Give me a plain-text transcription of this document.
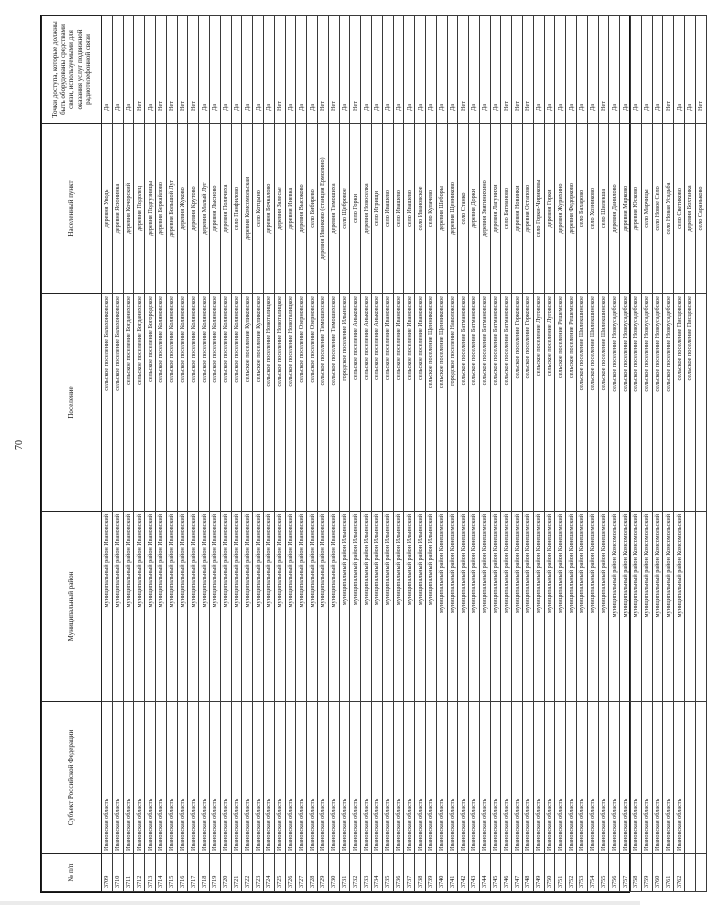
70
№ п/п	Субъект Российской Федерации	Муниципальный район	Поселение	Населенный пункт	Точки доступа, которые должны быть оборудованы средствами связи, используемыми для оказания услуг подвижной радиотелефонной связи
3709	Ивановская область	муниципальный район Ивановский	сельское поселение Балахонковское	деревня Уводь	Да
3710	Ивановская область	муниципальный район Ивановский	сельское поселение Балахонковское	деревня Ясюнинка	Да
3711	Ивановская область	муниципальный район Ивановский	сельское поселение Богданихское	деревня Кочорский	Да
3712	Ивановская область	муниципальный район Ивановский	сельское поселение Богданихское	деревня Подолец	Нет
3713	Ивановская область	муниципальный район Ивановский	сельское поселение Богородское	деревня Подгузницы	Да
3714	Ивановская область	муниципальный район Ивановский	сельское поселение Коляновское	деревня Беркайлово	Нет
3715	Ивановская область	муниципальный район Ивановский	сельское поселение Коляновское	деревня Большой Луг	Нет
3716	Ивановская область	муниципальный район Ивановский	сельское поселение Коляновское	деревня Жуково	Нет
3717	Ивановская область	муниципальный район Ивановский	сельское поселение Коляновское	деревня Крутово	Нет
3718	Ивановская область	муниципальный район Ивановский	сельское поселение Коляновское	деревня Малый Луг	Да
3719	Ивановская область	муниципальный район Ивановский	сельское поселение Коляновское	деревня Лысново	Да
3720	Ивановская область	муниципальный район Ивановский	сельское поселение Коляновское	деревня Полячиха	Да
3721	Ивановская область	муниципальный район Ивановский	сельское поселение Коляновское	село Панфилово	Да
3722	Ивановская область	муниципальный район Ивановский	сельское поселение Куликовское	деревня Комсомольская	Да
3723	Ивановская область	муниципальный район Ивановский	сельское поселение Куликовское	село Котцыно	Да
3724	Ивановская область	муниципальный район Ивановский	сельское поселение Новоталицкое	деревня Бочкалово	Да
3725	Ивановская область	муниципальный район Ивановский	сельское поселение Новоталицкое	деревня Залесье	Нет
3726	Ивановская область	муниципальный район Ивановский	сельское поселение Новоталицкое	деревня Иневка	Да
3727	Ивановская область	муниципальный район Ивановский	сельское поселение Озерновское	деревня Высоково	Да
3728	Ивановская область	муниципальный район Ивановский	сельское поселение Озерновское	село Бибирево	Да
3729	Ивановская область	муниципальный район Ивановский	сельское поселение Тимошихское	деревня Иванково (станция Ермолино)	Нет
3730	Ивановская область	муниципальный район Ивановский	сельское поселение Тимошихское	деревня Тимошиха	Нет
3731	Ивановская область	муниципальный район Ильинский	городское поселение Ильинское	село Щебровое	Да
3732	Ивановская область	муниципальный район Ильинский	сельское поселение Аньковское	село Горки	Нет
3733	Ивановская область	муниципальный район Ильинский	сельское поселение Аньковское	деревня Новоселка	Да
3734	Ивановская область	муниципальный район Ильинский	сельское поселение Аньковское	село Игрищи	Да
3735	Ивановская область	муниципальный район Ильинский	сельское поселение Ивановское	село Ивашево	Да
3736	Ивановская область	муниципальный район Ильинский	сельское поселение Ивановское	село Ивашево	Да
3737	Ивановская область	муниципальный район Ильинский	сельское поселение Ивановское	село Ивашево	Да
3738	Ивановская область	муниципальный район Ильинский	сельское поселение Ивановское	село Ивановское	Да
3739	Ивановская область	муниципальный район Ильинский	сельское поселение Щенниковское	село Кулачево	Да
3740	Ивановская область	муниципальный район Кинешемский	сельское поселение Щенниковское	деревня Шеборы	Да
3741	Ивановская область	муниципальный район Кинешемский	городское поселение Наволокское	деревня Щенниково	Да
3742	Ивановская область	муниципальный район Кинешемский	сельское поселение Батмановское	село Станко	Нет
3743	Ивановская область	муниципальный район Кинешемский	сельское поселение Батмановское	деревня Дорки	Да
3744	Ивановская область	муниципальный район Кинешемский	сельское поселение Батмановское	деревня Звягинихино	Да
3745	Ивановская область	муниципальный район Кинешемский	сельское поселение Батмановское	деревня Лагунихи	Да
3746	Ивановская область	муниципальный район Кинешемский	сельское поселение Батмановское	село Батманово	Нет
3747	Ивановская область	муниципальный район Кинешемский	сельское поселение Горковское	деревня Новинки	Нет
3748	Ивановская область	муниципальный район Кинешемский	сельское поселение Горковское	деревня Остапово	Нет
3749	Ивановская область	муниципальный район Кинешемский	сельское поселение Луговское	село Горки-Чириковы	Да
3750	Ивановская область	муниципальный район Кинешемский	сельское поселение Луговское	деревня Горки	Да
3751	Ивановская область	муниципальный район Кинешемский	сельское поселение Решемское	деревня Журихино	Да
3752	Ивановская область	муниципальный район Кинешемский	сельское поселение Решемское	деревня Федорково	Да
3753	Ивановская область	муниципальный район Кинешемский	сельское поселение Шилекшинское	село Бахарово	Да
3754	Ивановская область	муниципальный район Кинешемский	сельское поселение Шилекшинское	село Хозниково	Да
3755	Ивановская область	муниципальный район Кинешемский	сельское поселение Шилекшинское	село Шилекша	Нет
3756	Ивановская область	муниципальный район Комсомольский	сельское поселение Новоусадебское	деревня Данилово	Да
3757	Ивановская область	муниципальный район Комсомольский	сельское поселение Новоусадебское	деревня Марково	Да
3758	Ивановская область	муниципальный район Комсомольский	сельское поселение Новоусадебское	деревня Юсково	Да
3759	Ивановская область	муниципальный район Комсомольский	сельское поселение Новоусадебское	село Марчицы	Да
3760	Ивановская область	муниципальный район Комсомольский	сельское поселение Новоусадебское	село Новое Село	Да
3761	Ивановская область	муниципальный район Комсомольский	сельское поселение Новоусадебское	село Новая Усадьба	Нет
3762	Ивановская область	муниципальный район Комсомольский	сельское поселение Писцовское	село Светиково	Да
			сельское поселение Писцовское	деревня Бохтанка	Да
				село Сараньково	Нет
